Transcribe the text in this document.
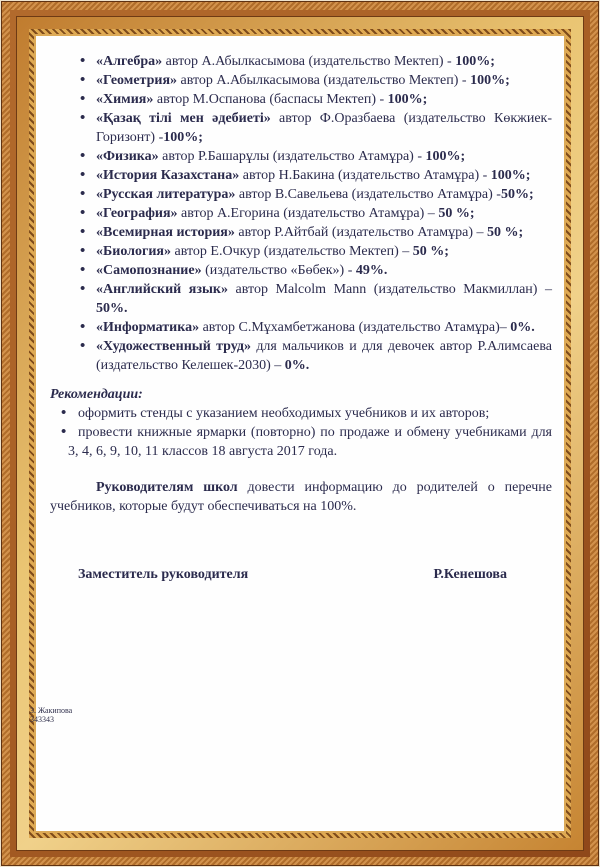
• «Алгебра» автор А.Абылкасымова (издательство Мектеп) - 100%;
• «Геометрия» автор А.Абылкасымова (издательство Мектеп) - 100%;
• «Химия» автор М.Оспанова (баспасы Мектеп) - 100%;
• «Қазақ тілі мен әдебиеті» автор Ф.Оразбаева (издательство Көкжиек-Горизонт) -100%;
• «Физика» автор Р.Башарұлы (издательство Атамұра) - 100%;
• «История Казахстана» автор Н.Бакина (издательство Атамұра) - 100%;
• «Русская литература» автор В.Савельева (издательство Атамұра) -50%;
• «География» автор А.Егорина (издательство Атамұра) – 50 %;
• «Всемирная история» автор Р.Айтбай (издательство Атамұра) – 50 %;
• «Биология» автор Е.Очкур (издательство Мектеп) – 50 %;
• «Самопознание» (издательство «Бөбек») - 49%.
• «Английский язык» автор Malcolm Mann (издательство Макмиллан) – 50%.
• «Информатика» автор С.Мұхамбетжанова (издательство Атамұра)– 0%.
• «Художественный труд» для мальчиков и для девочек автор Р.Алимсаева (издательство Келешек-2030) – 0%.
Рекомендации:
• оформить стенды с указанием необходимых учебников и их авторов;
• провести книжные ярмарки (повторно) по продаже и обмену учебниками для 3, 4, 6, 9, 10, 11 классов 18 августа 2017 года.
Руководителям школ довести информацию до родителей о перечне учебников, которые будут обеспечиваться на 100%.
Заместитель руководителя	Р.Кенешова
З. Жакипова
343343
